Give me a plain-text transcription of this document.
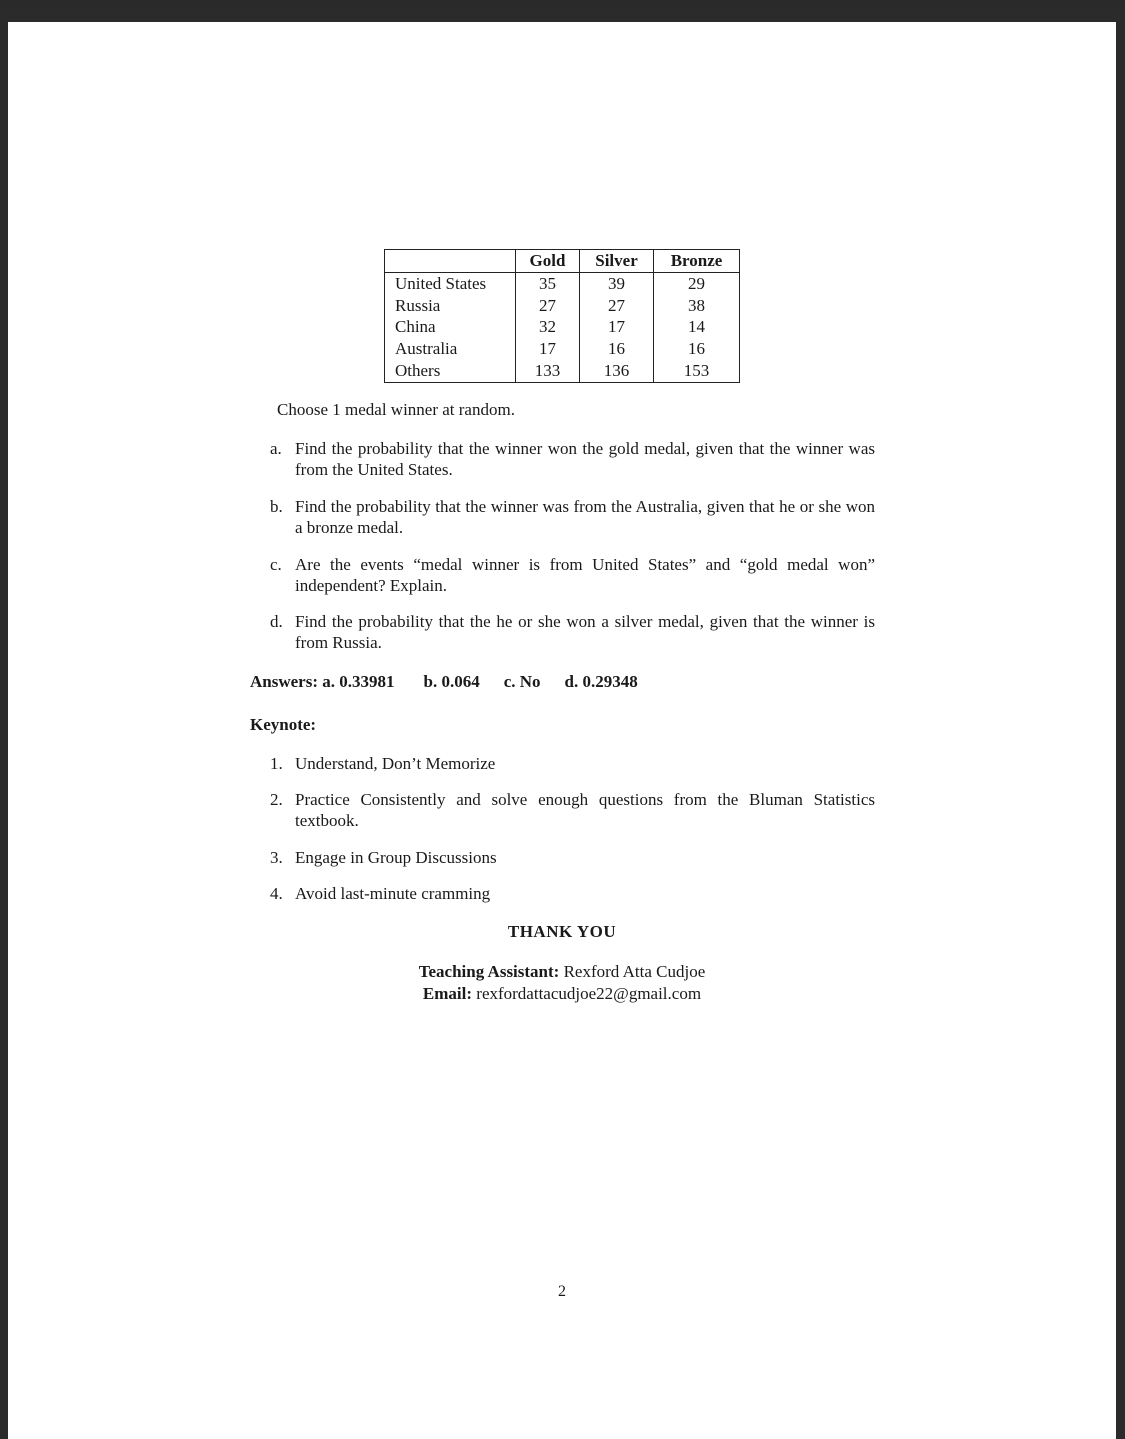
	Gold	Silver	Bronze
United States	35	39	29
Russia	27	27	38
China	32	17	14
Australia	17	16	16
Others	133	136	153
Choose 1 medal winner at random.
a. Find the probability that the winner won the gold medal, given that the winner was from the United States.
b. Find the probability that the winner was from the Australia, given that he or she won a bronze medal.
c. Are the events “medal winner is from United States” and “gold medal won” independent? Explain.
d. Find the probability that the he or she won a silver medal, given that the winner is from Russia.
Answers: a. 0.33981 b. 0.064 c. No d. 0.29348
Keynote:
1. Understand, Don’t Memorize
2. Practice Consistently and solve enough questions from the Bluman Statistics textbook.
3. Engage in Group Discussions
4. Avoid last-minute cramming
THANK YOU
Teaching Assistant: Rexford Atta Cudjoe
Email: rexfordattacudjoe22@gmail.com
2
